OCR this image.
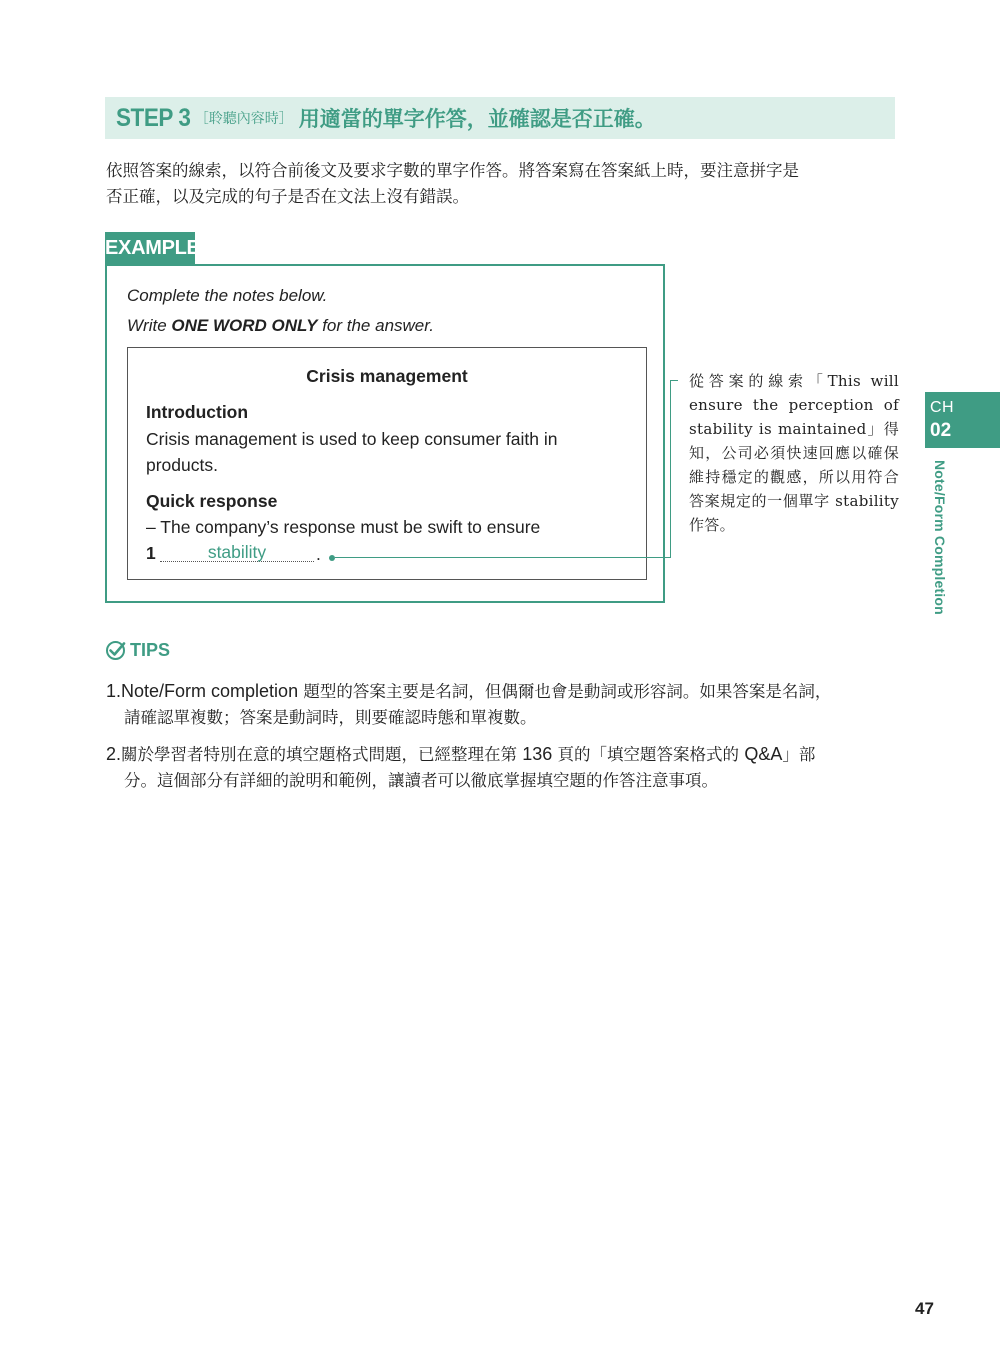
STEP 3 ［聆聽內容時］ 用適當的單字作答，並確認是否正確。
依照答案的線索，以符合前後文及要求字數的單字作答。將答案寫在答案紙上時，要注意拼字是
否正確，以及完成的句子是否在文法上沒有錯誤。
EXAMPLE
Complete the notes below.
Write ONE WORD ONLY for the answer.
Crisis management
Introduction
Crisis management is used to keep consumer faith in
products.
Quick response
– The company’s response must be swift to ensure
1	stability	.
從答案的線索「This will ensure the perception of stability is maintained」得知，公司必須快速回應以確保維持穩定的觀感，所以用符合答案規定的一個單字 stability 作答。
CH
02
Note/Form Completion
TIPS
1.Note/Form completion 題型的答案主要是名詞，但偶爾也會是動詞或形容詞。如果答案是名詞，
請確認單複數；答案是動詞時，則要確認時態和單複數。
2.關於學習者特別在意的填空題格式問題，已經整理在第 136 頁的「填空題答案格式的 Q&A」部
分。這個部分有詳細的說明和範例，讓讀者可以徹底掌握填空題的作答注意事項。
47
